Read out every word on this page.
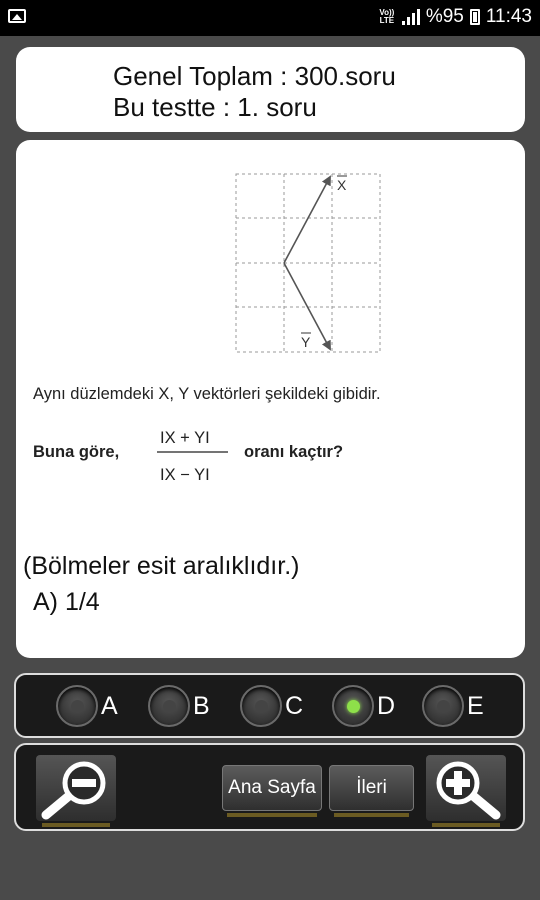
Vo))
LTE %95 11:43
Genel Toplam : 300.soru
Bu testte : 1. soru
X
Y
Aynı düzlemdeki X, Y vektörleri şekildeki gibidir.
Buna göre,
IX + YI
IX − YI
oranı kaçtır?
(Bölmeler esit aralıklıdır.)
A) 1/4
A	B	C	D	E
Ana Sayfa İleri
